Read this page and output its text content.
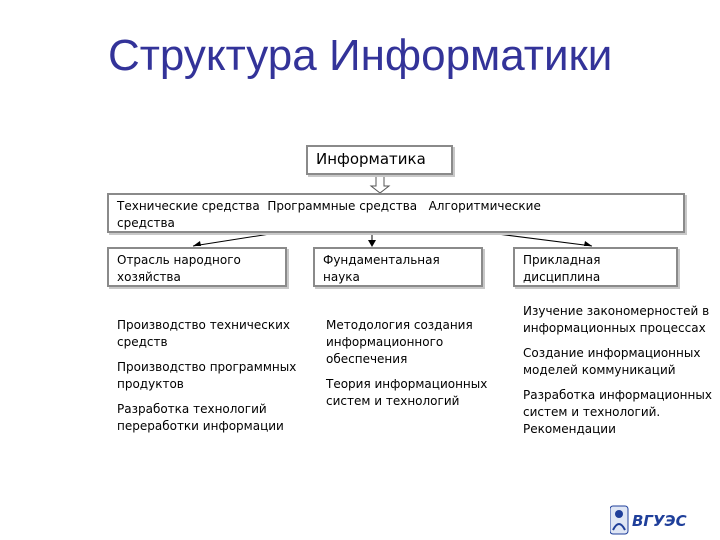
Структура Информатики
Информатика
Технические средства Программные средства Алгоритмические
средства
Отрасль народного хозяйства
Фундаментальная наука
Прикладная дисциплина

Производство технических средств

Производство программных продуктов

Разработка технологий переработки информации

Методология создания информационного обеспечения

Теория информационных систем и технологий

Изучение закономерностей в информационных процессах

Создание информационных моделей коммуникаций

Разработка информационных систем и технологий. Рекомендации

ВГУЭС
